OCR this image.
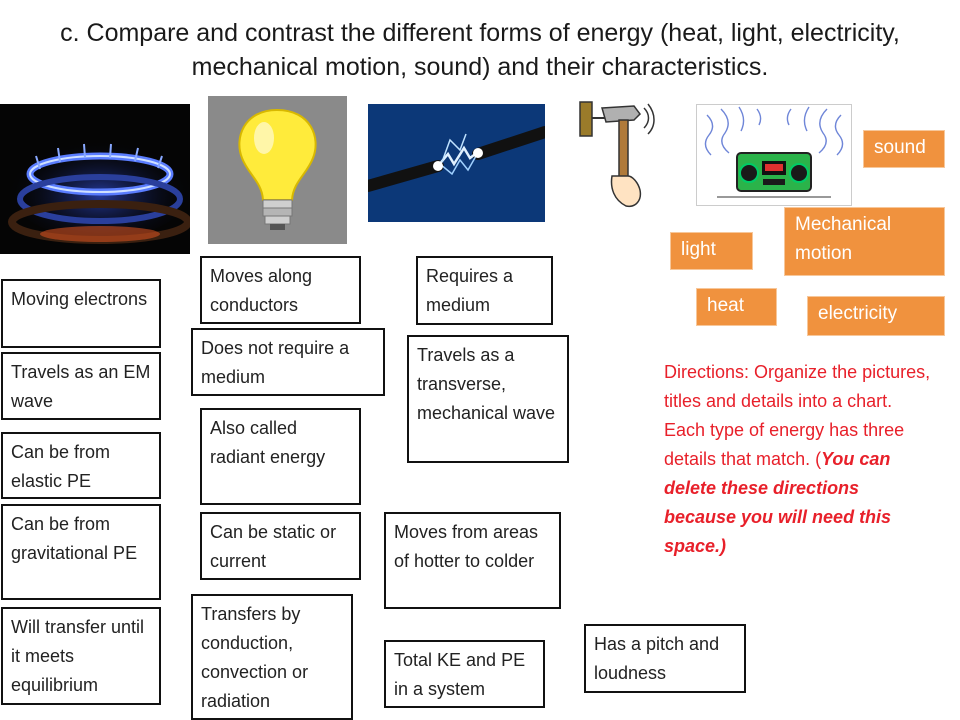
c. Compare and contrast the different forms of energy (heat, light, electricity, mechanical motion, sound) and their characteristics.
sound
Mechanical motion
light
heat	electricity
Moving electrons
Travels as an EM wave
Can be from elastic PE
Can be from gravitational PE
Will transfer until it meets equilibrium
Moves along conductors
Does not require a medium
Also called radiant energy
Can be static or current
Transfers by conduction, convection or radiation
Requires a medium
Travels as a transverse, mechanical wave
Moves from areas of hotter to colder
Total KE and PE in a system
Has a pitch and loudness
Directions: Organize the pictures, titles and details into a chart. Each type of energy has three details that match. (You can delete these directions because you will need this space.)
